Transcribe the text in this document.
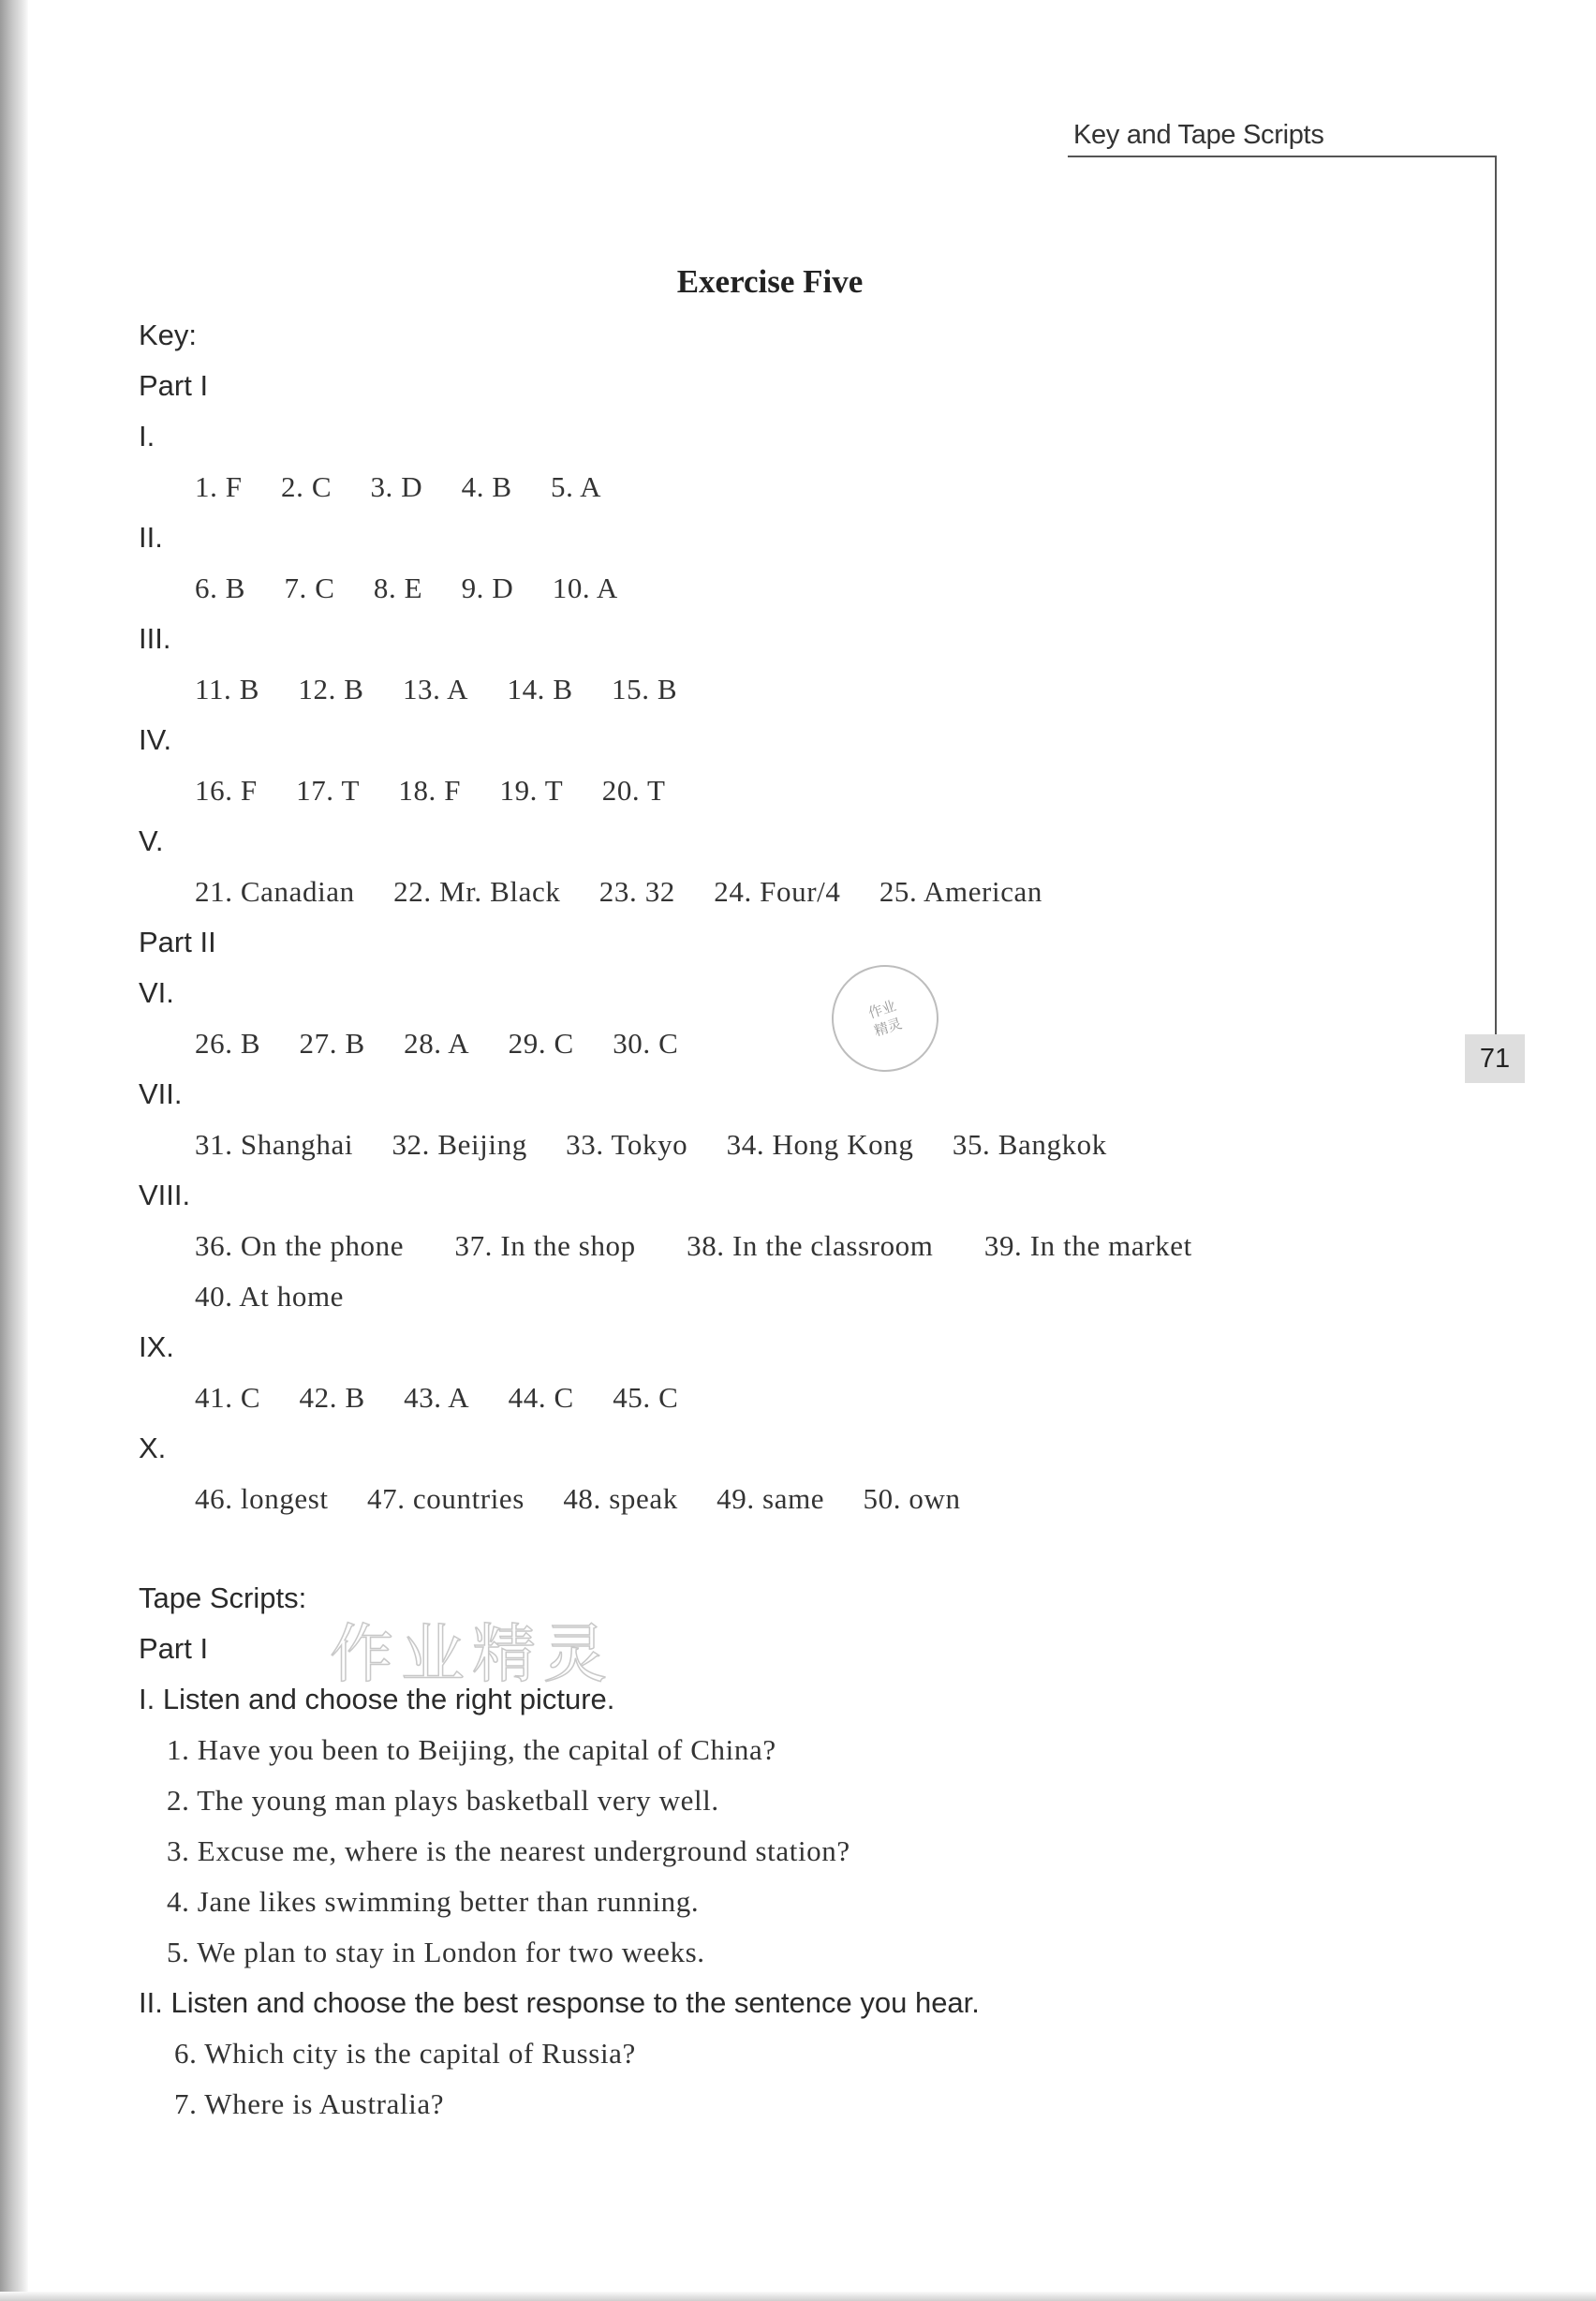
Key and Tape Scripts
71
Exercise Five
Key:
Part I
I.
1. F 2. C 3. D 4. B 5. A
II.
6. B 7. C 8. E 9. D 10. A
III.
11. B 12. B 13. A 14. B 15. B
IV.
16. F 17. T 18. F 19. T 20. T
V.
21. Canadian 22. Mr. Black 23. 32 24. Four/4 25. American
Part II
VI.
26. B 27. B 28. A 29. C 30. C
VII.
31. Shanghai 32. Beijing 33. Tokyo 34. Hong Kong 35. Bangkok
VIII.
36. On the phone 37. In the shop 38. In the classroom 39. In the market
40. At home
IX.
41. C 42. B 43. A 44. C 45. C
X.
46. longest 47. countries 48. speak 49. same 50. own
Tape Scripts:
Part I
I. Listen and choose the right picture.
1. Have you been to Beijing, the capital of China?
2. The young man plays basketball very well.
3. Excuse me, where is the nearest underground station?
4. Jane likes swimming better than running.
5. We plan to stay in London for two weeks.
II. Listen and choose the best response to the sentence you hear.
6. Which city is the capital of Russia?
7. Where is Australia?
作业
精灵
作业精灵
